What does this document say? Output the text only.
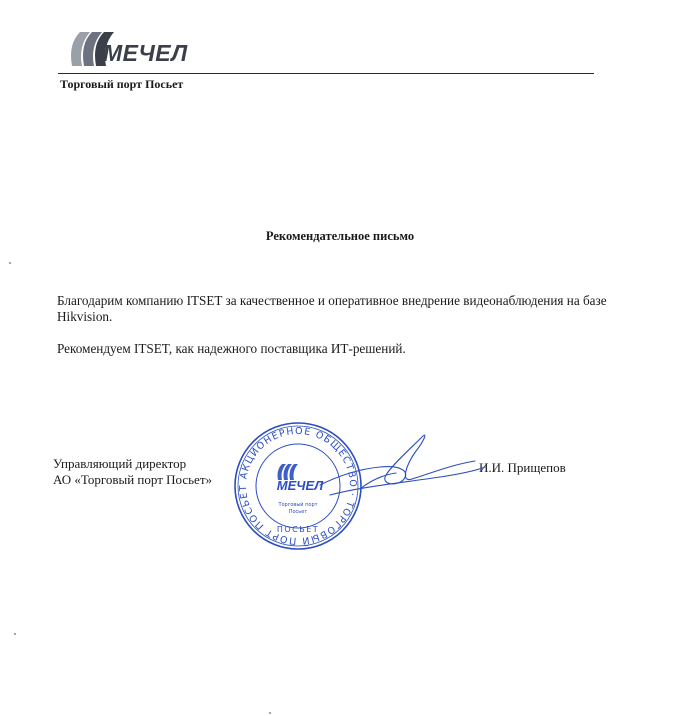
МЕЧЕЛ
Торговый порт Посьет
Рекомендательное письмо
Благодарим компанию ITSET за качественное и оперативное внедрение видеонаблюдения на базе Hikvision.
Рекомендуем ITSET, как надежного поставщика ИТ-решений.
Управляющий директор
АО «Торговый порт Посьет»
И.И. Прищепов
АКЦИОНЕРНОЕ ОБЩЕСТВО · ТОРГОВЫЙ ПОРТ ПОСЬЕТ	МЕЧЕЛ
Торговый порт
Посьет
ПОСЬЕТ
